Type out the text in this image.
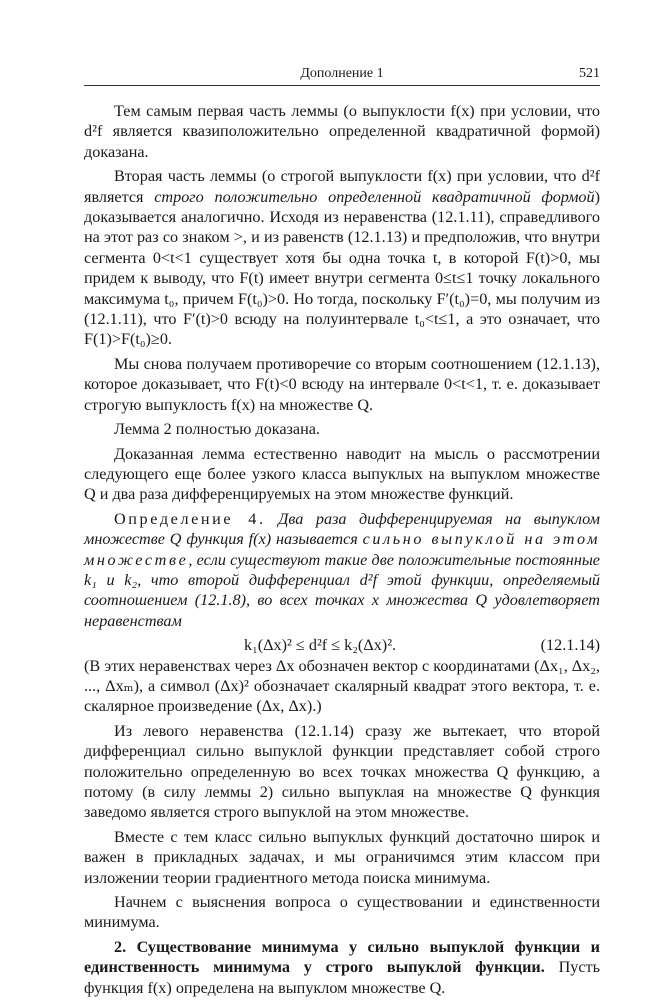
Дополнение 1	521

Тем самым первая часть леммы (о выпуклости f(x) при условии, что d²f является квазиположительно определенной квадратичной формой) доказана.

Вторая часть леммы (о строгой выпуклости f(x) при условии, что d²f является строго положительно определенной квадратичной формой) доказывается аналогично. Исходя из неравенства (12.1.11), справедливого на этот раз со знаком >, и из равенств (12.1.13) и предположив, что внутри сегмента 0<t<1 существует хотя бы одна точка t, в которой F(t)>0, мы придем к выводу, что F(t) имеет внутри сегмента 0≤t≤1 точку локального максимума t₀, причем F(t₀)>0. Но тогда, поскольку F′(t₀)=0, мы получим из (12.1.11), что F′(t)>0 всюду на полуинтервале t₀<t≤1, а это означает, что F(1)>F(t₀)≥0.

Мы снова получаем противоречие со вторым соотношением (12.1.13), которое доказывает, что F(t)<0 всюду на интервале 0<t<1, т. е. доказывает строгую выпуклость f(x) на множестве Q.

Лемма 2 полностью доказана.

Доказанная лемма естественно наводит на мысль о рассмотрении следующего еще более узкого класса выпуклых на выпуклом множестве Q и два раза дифференцируемых на этом множестве функций.

Определение 4. Два раза дифференцируемая на выпуклом множестве Q функция f(x) называется сильно выпуклой на этом множестве, если существуют такие две положительные постоянные k₁ и k₂, что второй дифференциал d²f этой функции, определяемый соотношением (12.1.8), во всех точках x множества Q удовлетворяет неравенствам

k₁(Δx)² ≤ d²f ≤ k₂(Δx)².	(12.1.14)

(В этих неравенствах через Δx обозначен вектор с координатами (Δx₁, Δx₂, ..., Δxₘ), а символ (Δx)² обозначает скалярный квадрат этого вектора, т. е. скалярное произведение (Δx, Δx).)

Из левого неравенства (12.1.14) сразу же вытекает, что второй дифференциал сильно выпуклой функции представляет собой строго положительно определенную во всех точках множества Q функцию, а потому (в силу леммы 2) сильно выпуклая на множестве Q функция заведомо является строго выпуклой на этом множестве.

Вместе с тем класс сильно выпуклых функций достаточно широк и важен в прикладных задачах, и мы ограничимся этим классом при изложении теории градиентного метода поиска минимума.

Начнем с выяснения вопроса о существовании и единственности минимума.

2. Существование минимума у сильно выпуклой функции и единственность минимума у строго выпуклой функции. Пусть функция f(x) определена на выпуклом множестве Q.
